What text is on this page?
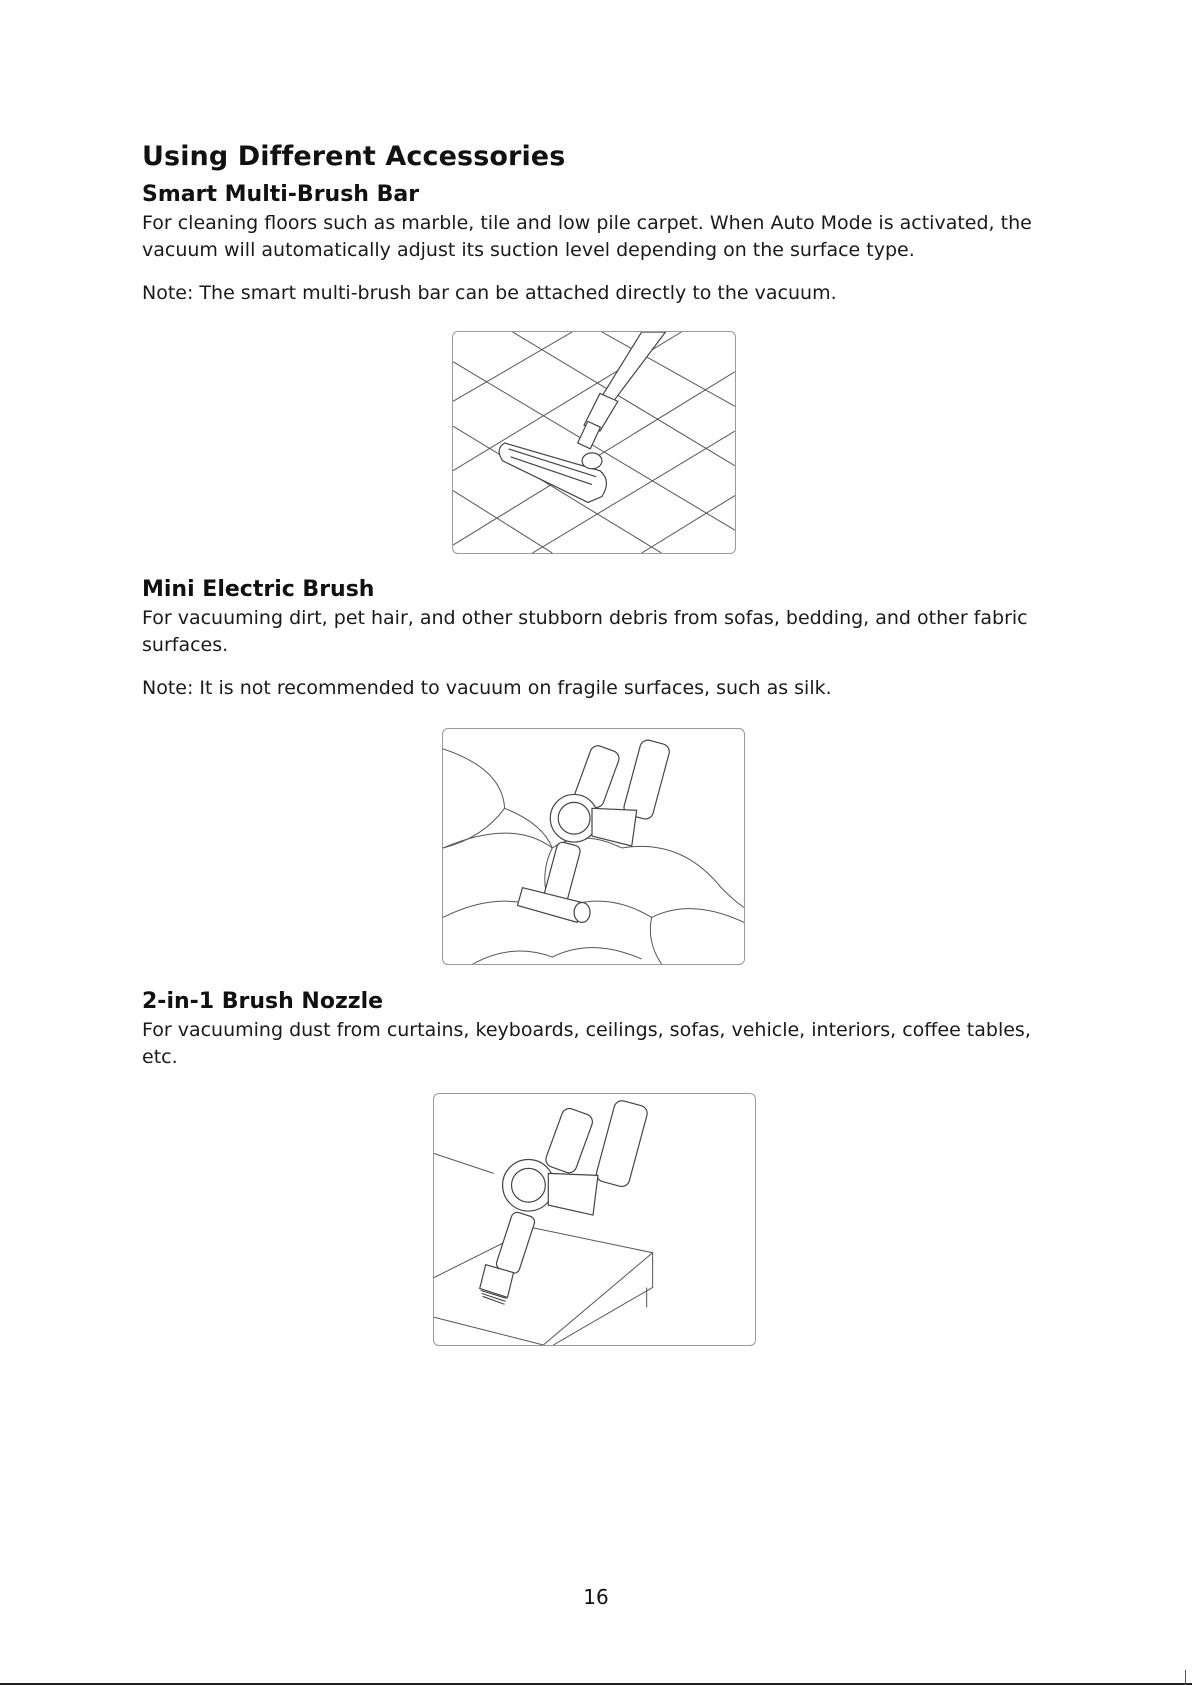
Using Different Accessories
Smart Multi-Brush Bar

For cleaning floors such as marble, tile and low pile carpet. When Auto Mode is activated, the vacuum will automatically adjust its suction level depending on the surface type.

Note: The smart multi-brush bar can be attached directly to the vacuum.

Mini Electric Brush

For vacuuming dirt, pet hair, and other stubborn debris from sofas, bedding, and other fabric surfaces.

Note: It is not recommended to vacuum on fragile surfaces, such as silk.

2-in-1 Brush Nozzle

For vacuuming dust from curtains, keyboards, ceilings, sofas, vehicle, interiors, coffee tables, etc.

16
